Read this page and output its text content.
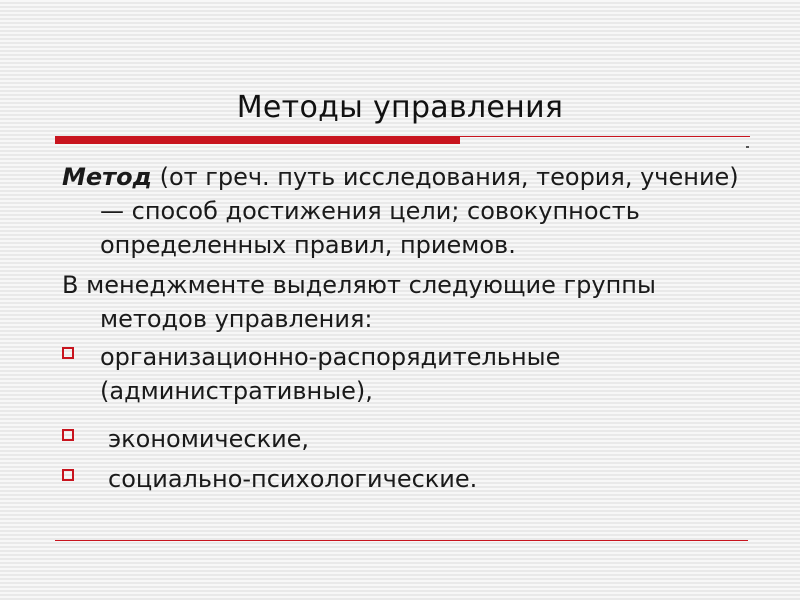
Методы управления
Метод (от греч. путь исследования, теория, учение) — способ достижения цели; совокупность определенных правил, приемов.
В менеджменте выделяют следующие группы методов управления:
организационно-распорядительные (административные),
экономические,
социально-психологические.
